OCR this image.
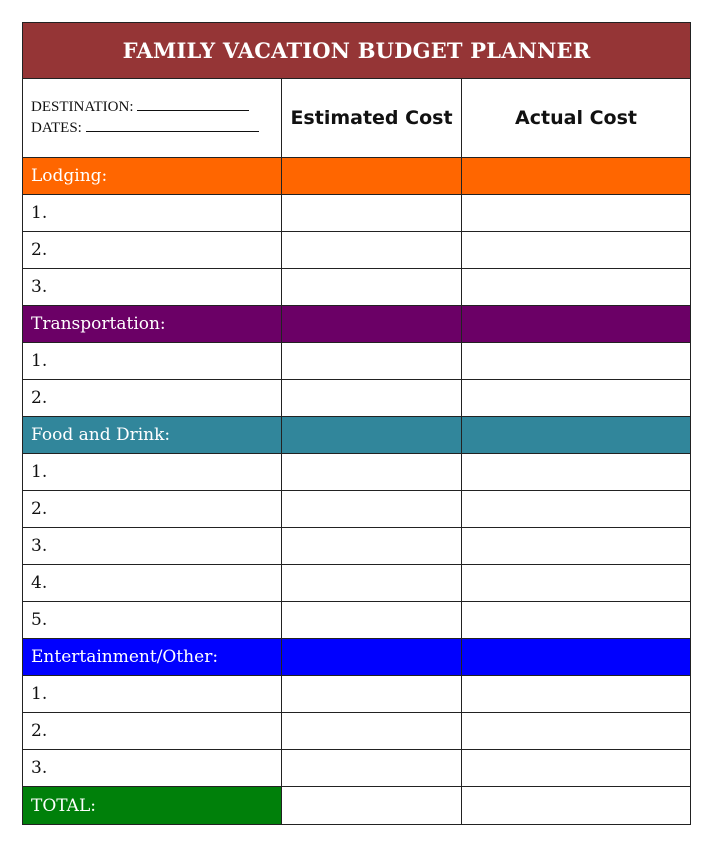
FAMILY VACATION BUDGET PLANNER		

DESTINATION:
DATES:	Estimated Cost	Actual Cost
Lodging:		
1.		
2.		
3.		
Transportation:		
1.		
2.		
Food and Drink:		
1.		
2.		
3.		
4.		
5.		
Entertainment/Other:		
1.		
2.		
3.		
TOTAL:		
